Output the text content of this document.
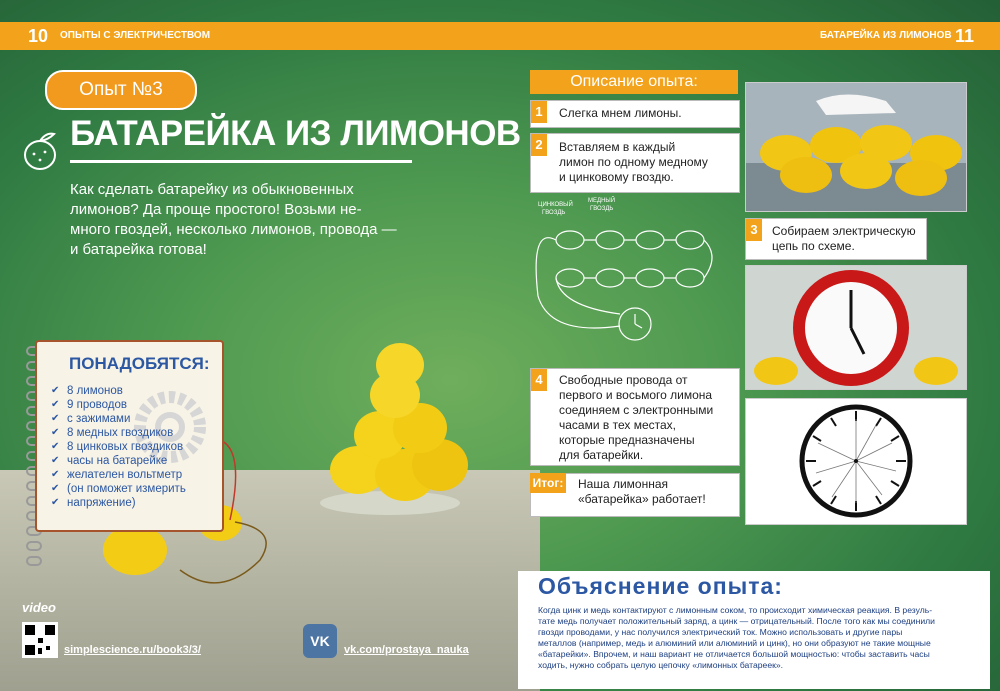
10 ОПЫТЫ С ЭЛЕКТРИЧЕСТВОМ	БАТАРЕЙКА ИЗ ЛИМОНОВ 11
Опыт №3
БАТАРЕЙКА ИЗ ЛИМОНОВ
Как сделать батарейку из обыкновенных
лимонов? Да проще простого! Возьми не-
много гвоздей, несколько лимонов, провода —
и батарейка готова!
ПОНАДОБЯТСЯ:
✔ 8 лимонов
✔ 9 проводов
✔ с зажимами
✔ 8 медных гвоздиков
✔ 8 цинковых гвоздиков
✔ часы на батарейке
✔ желателен вольтметр
✔ (он поможет измерить
✔ напряжение)
video
simplescience.ru/book3/3/
VK
vk.com/prostaya_nauka
Описание опыта:
1	Слегка мнем лимоны.
2	Вставляем в каждый
лимон по одному медному
и цинковому гвоздю.
ЦИНКОВЫЙ
ГВОЗДЬ
МЕДНЫЙ
ГВОЗДЬ
3	Собираем электрическую
цепь по схеме.
4	Свободные провода от
первого и восьмого лимона
соединяем с электронными
часами в тех местах,
которые предназначены
для батарейки.
Итог: Наша лимонная
«батарейка» работает!
Объяснение опыта:
Когда цинк и медь контактируют с лимонным соком, то происходит химическая реакция. В резуль-
тате медь получает положительный заряд, а цинк — отрицательный. После того как мы соединили
гвозди проводами, у нас получился электрический ток. Можно использовать и другие пары
металлов (например, медь и алюминий или алюминий и цинк), но они образуют не такие мощные
«батарейки». Впрочем, и наш вариант не отличается большой мощностью: чтобы заставить часы
ходить, нужно собрать целую цепочку «лимонных батареек».
